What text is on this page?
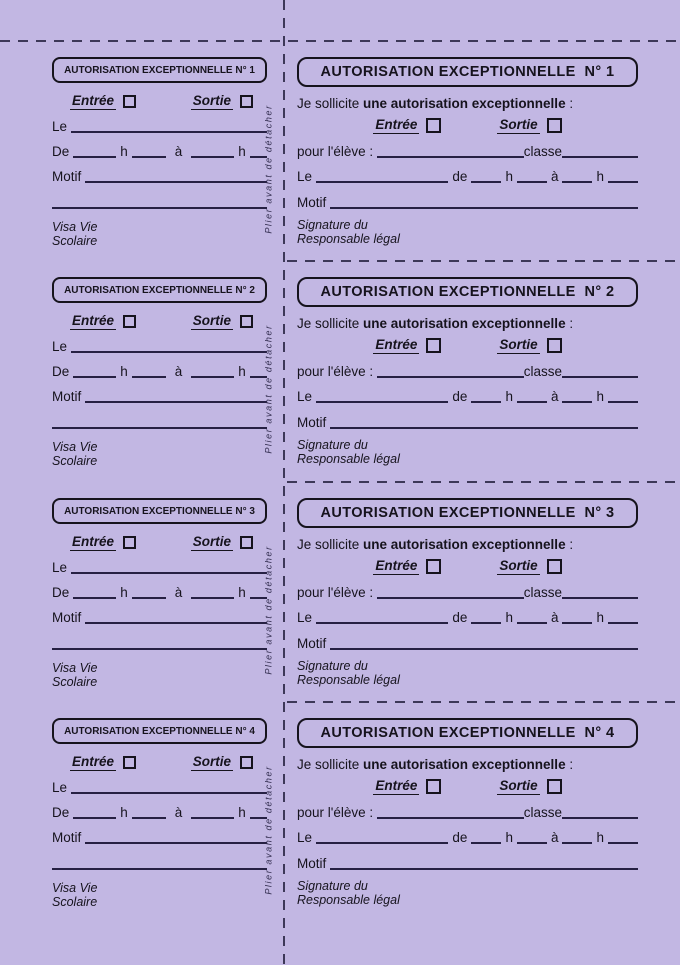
AUTORISATION EXCEPTIONNELLE N° 1
Entrée	Sortie
Le
De	h	à	h
Motif
Visa Vie
Scolaire
Plier avant de détacher
AUTORISATION EXCEPTIONNELLE  N° 1
Je sollicite une autorisation exceptionnelle :
Entrée	Sortie
pour l'élève :	classe
Le	de	h	à	h
Motif
Signature du
Responsable légal
AUTORISATION EXCEPTIONNELLE N° 2
Entrée	Sortie
Le
De	h	à	h
Motif
Visa Vie
Scolaire
Plier avant de détacher
AUTORISATION EXCEPTIONNELLE  N° 2
Je sollicite une autorisation exceptionnelle :
Entrée	Sortie
pour l'élève :	classe
Le	de	h	à	h
Motif
Signature du
Responsable légal
AUTORISATION EXCEPTIONNELLE N° 3
Entrée	Sortie
Le
De	h	à	h
Motif
Visa Vie
Scolaire
Plier avant de détacher
AUTORISATION EXCEPTIONNELLE  N° 3
Je sollicite une autorisation exceptionnelle :
Entrée	Sortie
pour l'élève :	classe
Le	de	h	à	h
Motif
Signature du
Responsable légal
AUTORISATION EXCEPTIONNELLE N° 4
Entrée	Sortie
Le
De	h	à	h
Motif
Visa Vie
Scolaire
Plier avant de détacher
AUTORISATION EXCEPTIONNELLE  N° 4
Je sollicite une autorisation exceptionnelle :
Entrée	Sortie
pour l'élève :	classe
Le	de	h	à	h
Motif
Signature du
Responsable légal
